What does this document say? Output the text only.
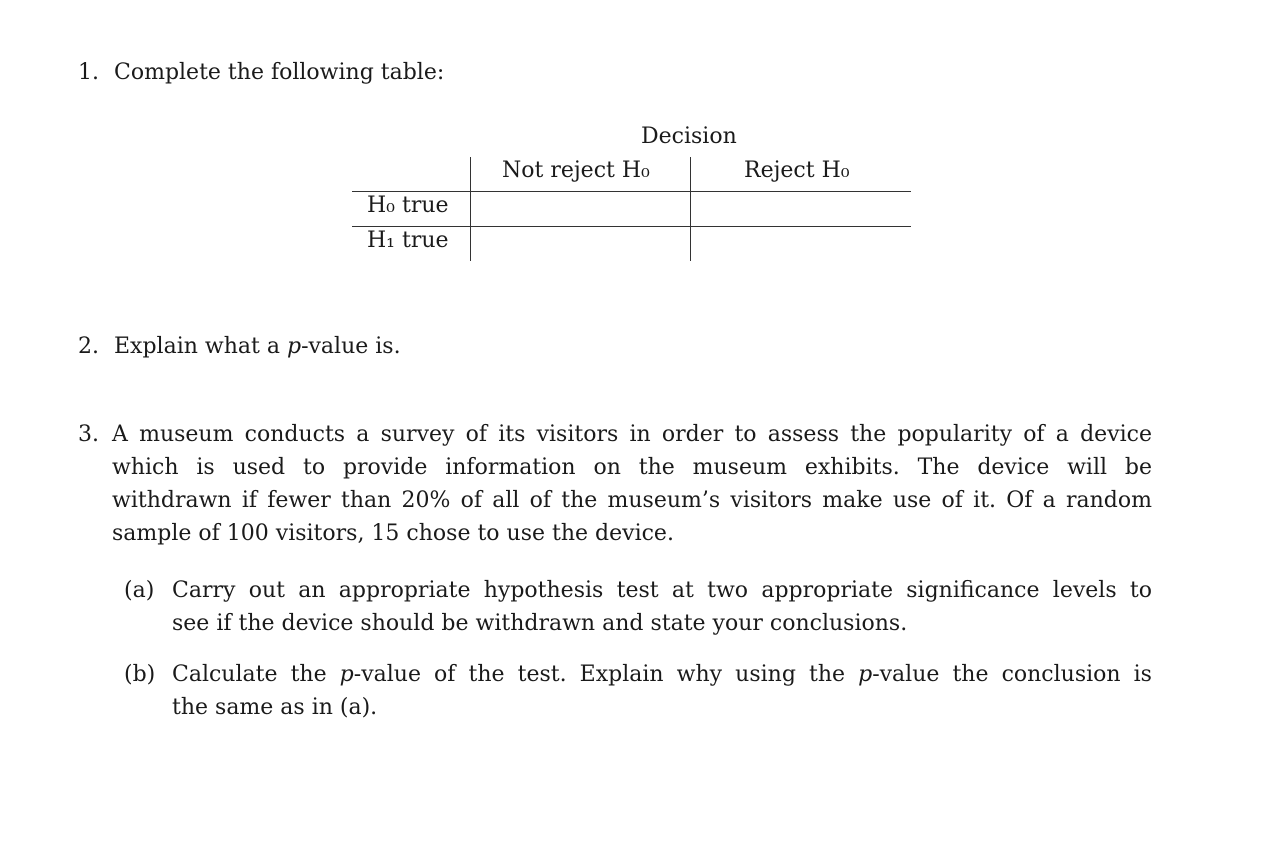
1. Complete the following table:
Decision
Not reject H₀	Reject H₀
H₀ true
H₁ true
2. Explain what a p-value is.
3. A museum conducts a survey of its visitors in order to assess the popularity of a device
which is used to provide information on the museum exhibits. The device will be
withdrawn if fewer than 20% of all of the museum’s visitors make use of it. Of a random
sample of 100 visitors, 15 chose to use the device.
(a) Carry out an appropriate hypothesis test at two appropriate significance levels to
see if the device should be withdrawn and state your conclusions.
(b) Calculate the p-value of the test. Explain why using the p-value the conclusion is
the same as in (a).
